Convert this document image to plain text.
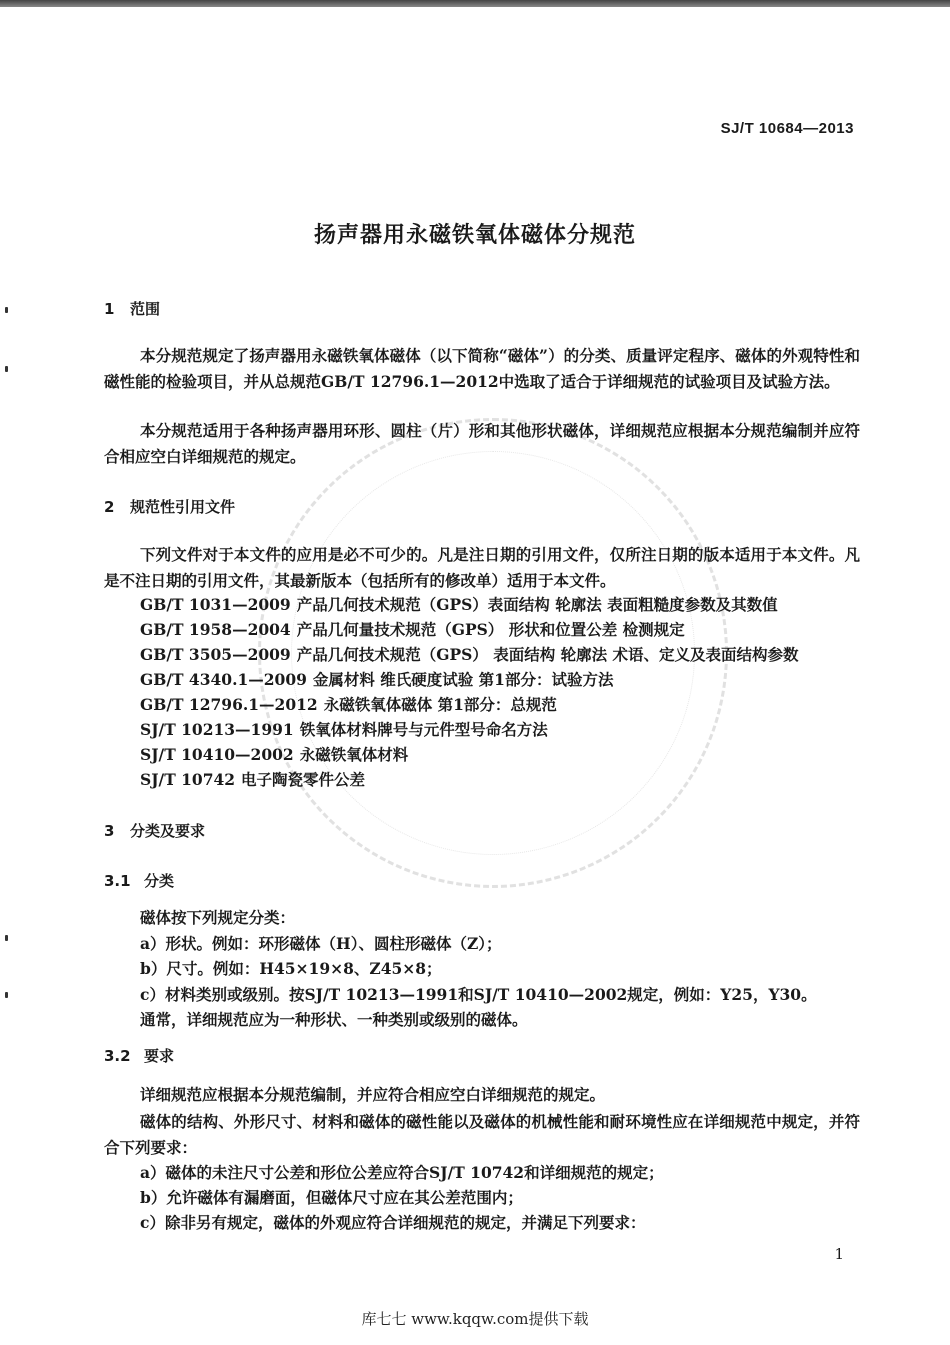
SJ/T 10684—2013
扬声器用永磁铁氧体磁体分规范
1 范围
本分规范规定了扬声器用永磁铁氧体磁体（以下简称“磁体”）的分类、质量评定程序、磁体的外观特性和磁性能的检验项目，并从总规范GB/T 12796.1—2012中选取了适合于详细规范的试验项目及试验方法。
本分规范适用于各种扬声器用环形、圆柱（片）形和其他形状磁体，详细规范应根据本分规范编制并应符合相应空白详细规范的规定。
2 规范性引用文件
下列文件对于本文件的应用是必不可少的。凡是注日期的引用文件，仅所注日期的版本适用于本文件。凡是不注日期的引用文件，其最新版本（包括所有的修改单）适用于本文件。
GB/T 1031—2009 产品几何技术规范（GPS）表面结构 轮廓法 表面粗糙度参数及其数值
GB/T 1958—2004 产品几何量技术规范（GPS） 形状和位置公差 检测规定
GB/T 3505—2009 产品几何技术规范（GPS） 表面结构 轮廓法 术语、定义及表面结构参数
GB/T 4340.1—2009 金属材料 维氏硬度试验 第1部分：试验方法
GB/T 12796.1—2012 永磁铁氧体磁体 第1部分：总规范
SJ/T 10213—1991 铁氧体材料牌号与元件型号命名方法
SJ/T 10410—2002 永磁铁氧体材料
SJ/T 10742 电子陶瓷零件公差
3 分类及要求
3.1 分类
磁体按下列规定分类：
a）形状。例如：环形磁体（H）、圆柱形磁体（Z）；
b）尺寸。例如：H45×19×8、Z45×8；
c）材料类别或级别。按SJ/T 10213—1991和SJ/T 10410—2002规定，例如：Y25，Y30。
通常，详细规范应为一种形状、一种类别或级别的磁体。
3.2 要求
详细规范应根据本分规范编制，并应符合相应空白详细规范的规定。
磁体的结构、外形尺寸、材料和磁体的磁性能以及磁体的机械性能和耐环境性应在详细规范中规定，并符合下列要求：
a）磁体的未注尺寸公差和形位公差应符合SJ/T 10742和详细规范的规定；
b）允许磁体有漏磨面，但磁体尺寸应在其公差范围内；
c）除非另有规定，磁体的外观应符合详细规范的规定，并满足下列要求：
1
库七七 www.kqqw.com提供下载
